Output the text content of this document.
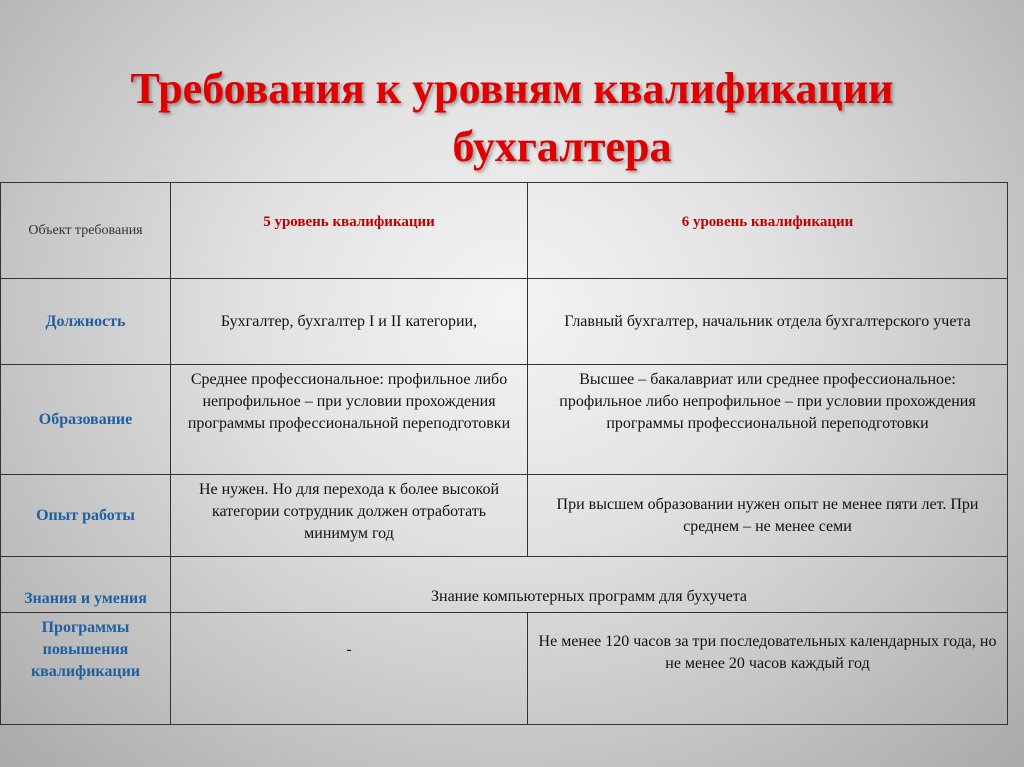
Требования к уровням квалификации
бухгалтера
Объект требования	5 уровень квалификации	6 уровень квалификации
Должность	Бухгалтер, бухгалтер I и II категории,	Главный бухгалтер, начальник отдела бухгалтерского учета
Образование	Среднее профессиональное: профильное либо непрофильное – при условии прохождения программы профессиональной переподготовки	Высшее – бакалавриат или среднее профессиональное: профильное либо непрофильное – при условии прохождения программы профессиональной переподготовки
Опыт работы	Не нужен. Но для перехода к более высокой категории сотрудник должен отработать минимум год	При высшем образовании нужен опыт не менее пяти лет. При среднем – не менее семи
Знания и умения	Знание компьютерных программ для бухучета	
Программы повышения квалификации	-	Не менее 120 часов за три последовательных календарных года, но не менее 20 часов каждый год
